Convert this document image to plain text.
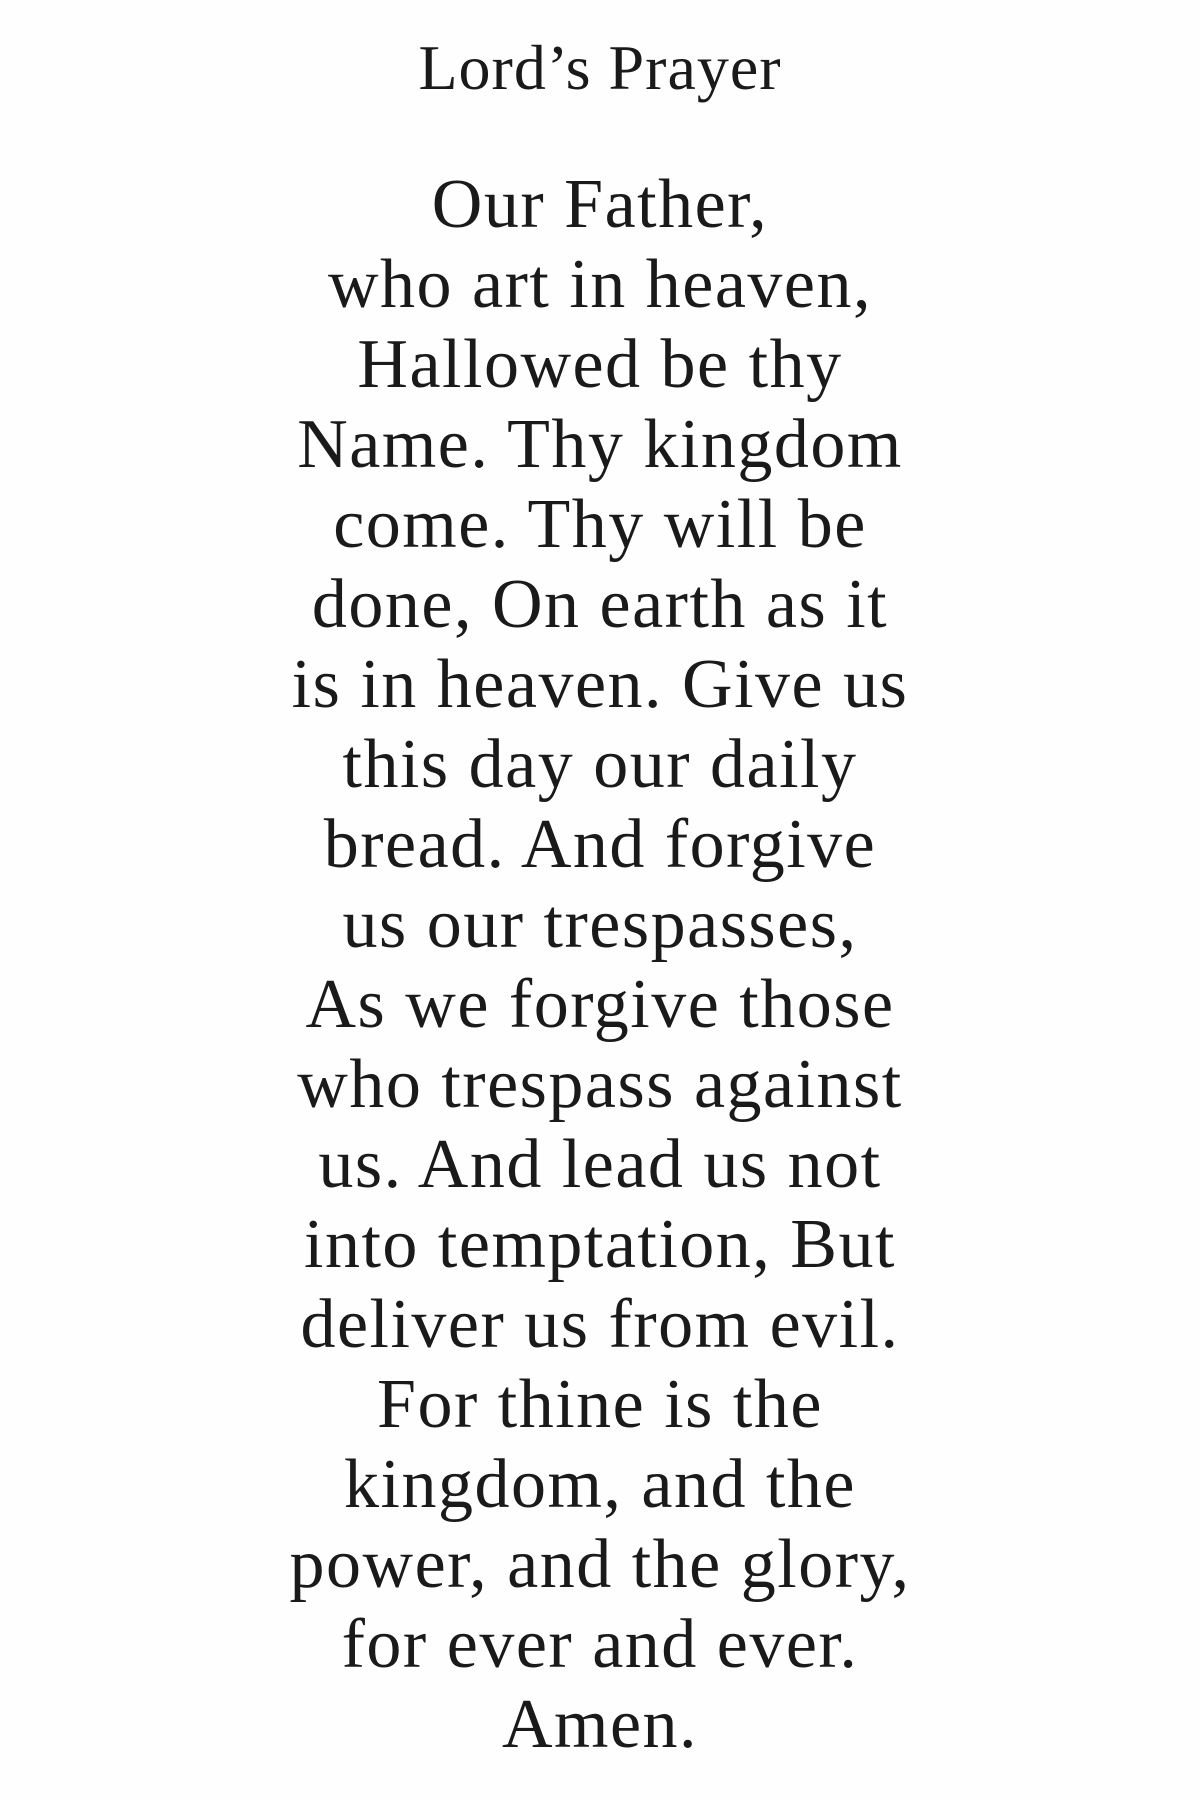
Lord’s Prayer
Our Father,
who art in heaven,
Hallowed be thy
Name. Thy kingdom
come. Thy will be
done, On earth as it
is in heaven. Give us
this day our daily
bread. And forgive
us our trespasses,
As we forgive those
who trespass against
us. And lead us not
into temptation, But
deliver us from evil.
For thine is the
kingdom, and the
power, and the glory,
for ever and ever.
Amen.
